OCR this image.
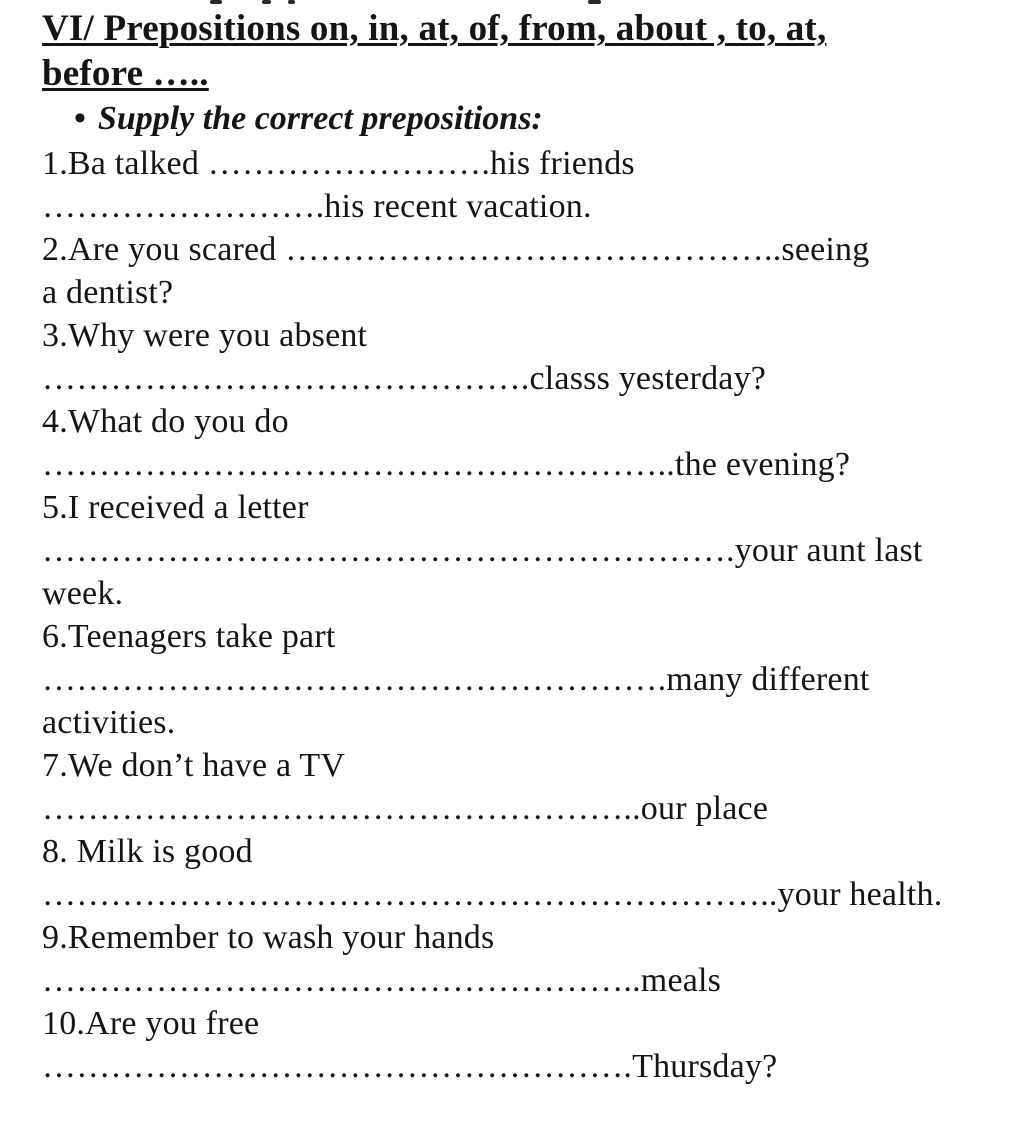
VI/ Prepositions on, in, at, of, from, about , to, at,
before …..
• Supply the correct prepositions:
1.Ba talked …………………….his friends
…………………….his recent vacation.
2.Are you scared ……………………………………..seeing
a dentist?
3.Why were you absent
…………………………………….classs yesterday?
4.What do you do
………………………………………………..the evening?
5.I received a letter
…………………………………………………….your aunt last
week.
6.Teenagers take part
……………………………………………….many different
activities.
7.We don’t have a TV
……………………………………………..our place
8. Milk is good
………………………………………………………..your health.
9.Remember to wash your hands
……………………………………………..meals
10.Are you free
…………………………………………….Thursday?
